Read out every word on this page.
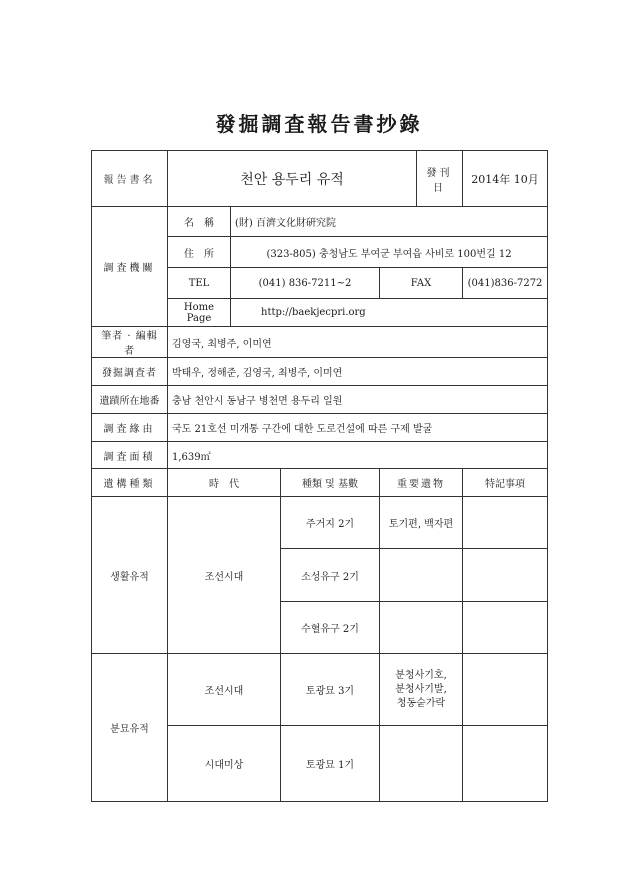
發掘調査報告書抄錄
報告書名	천안 용두리 유적				發刊日	2014年 10月
調査機關	名　稱	(財) 百濟文化財硏究院				
	住　所	(323-805) 충청남도 부여군 부여읍 사비로 100번길 12				
	TEL	(041) 836-7211~2		FAX		(041)836-7272
	Home Page	http://baekjecpri.org				
筆者 · 編輯者	김영국, 최병주, 이미연					
發掘調査者	박태우, 정해준, 김영국, 최병주, 이미연					
遺蹟所在地番	충남 천안시 동남구 병천면 용두리 일원					
調査緣由	국도 21호선 미개통 구간에 대한 도로건설에 따른 구제 발굴					
調査面積	1,639㎡					
遺構種類	時　代		種類 및 基數	重要遺物		特記事項
생활유적	조선시대		주거지 2기	토기편, 백자편		
			소성유구 2기			
			수혈유구 2기			
분묘유적	조선시대		토광묘 3기	분청사기호,
분청사기발,
청동숟가락		

	시대미상		토광묘 1기			
